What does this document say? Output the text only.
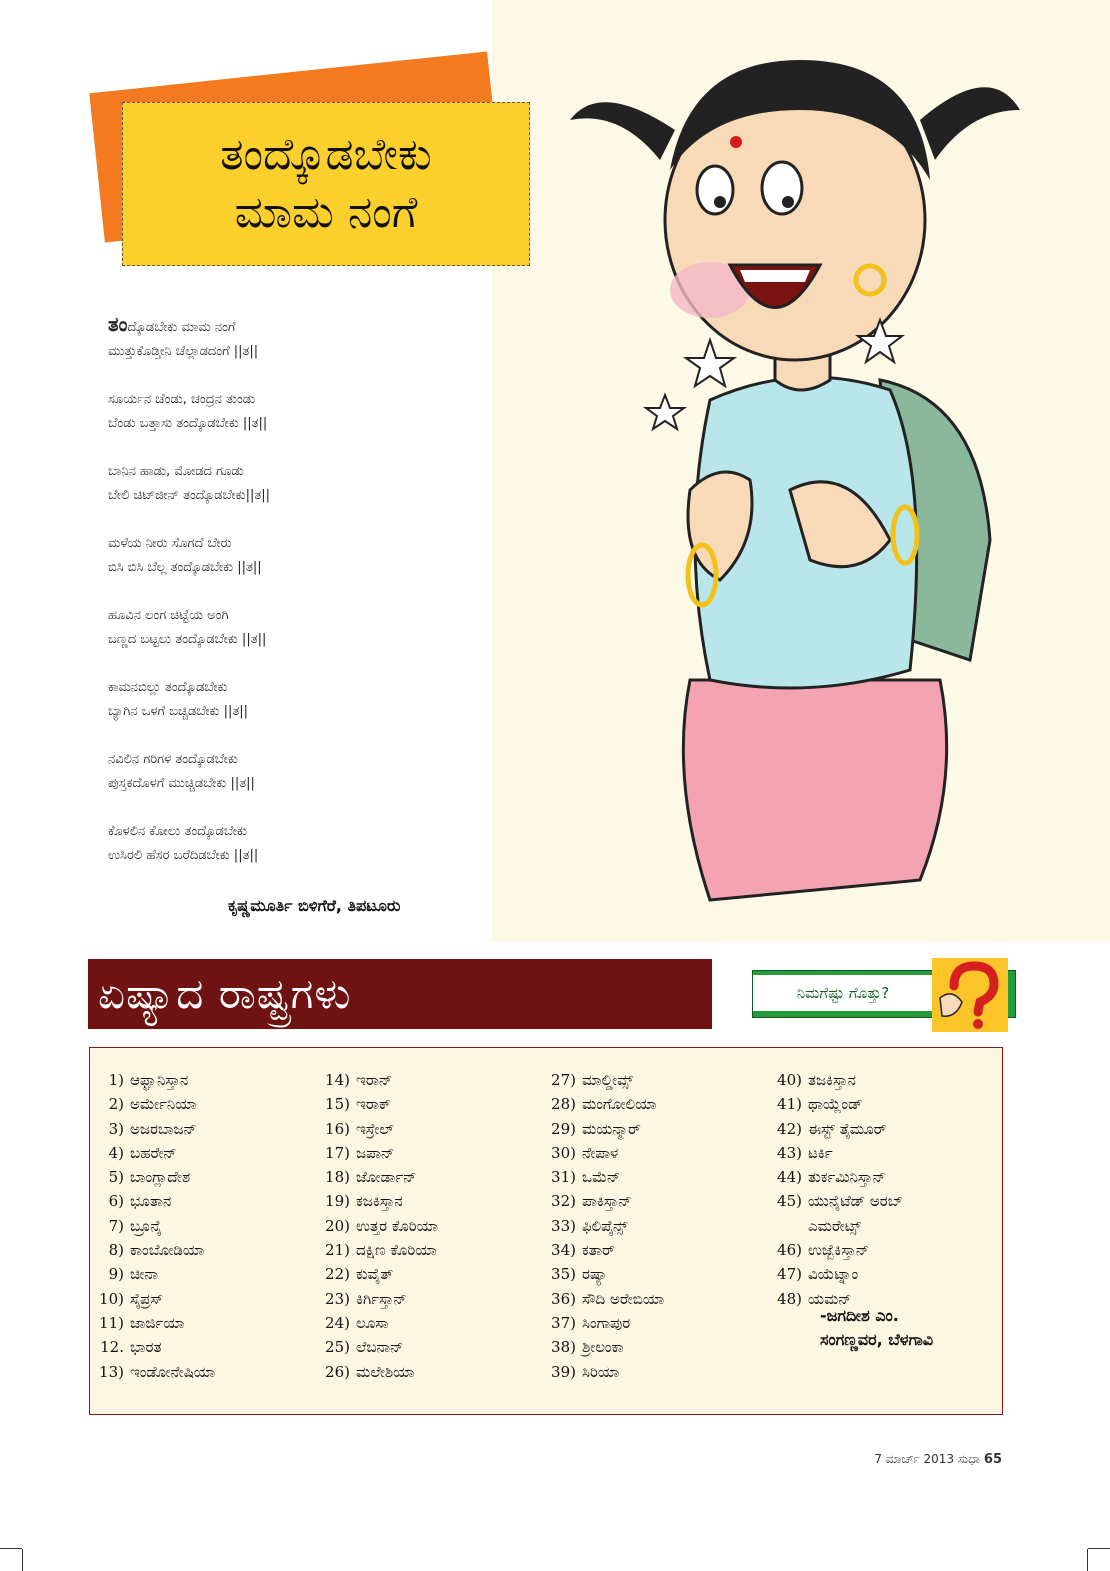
ತಂದ್ಕೊಡಬೇಕು
ಮಾಮ ನಂಗೆ
ತಂದ್ಕೊಡಬೇಕು ಮಾಮ ನಂಗೆ
ಮುತ್ತುಕೊಡ್ತೀನಿ ಚೆಲ್ಲಾಡದಂಗೆ ||ತ||
ಸೂರ್ಯನ ಚೆಂಡು, ಚಂದ್ರನ ತುಂಡು
ಬೆಂಡು ಬತ್ತಾಸು ತಂದ್ಕೊಡಬೇಕು ||ತ||
ಬಾನಿನ ಹಾಡು, ಮೋಡದ ಗೂಡು
ಬೇಲಿ ಚಿಟ್‌ಜೀನ್ ತಂದ್ಕೊಡಬೇಕು||ತ||
ಮಳೆಯ ನೀರು ಸೊಗದೆ ಬೇರು
ಬಿಸಿ ಬಿಸಿ ಬೆಲ್ಲ ತಂದ್ಕೊಡಬೇಕು ||ತ||
ಹೂವಿನ ಲಂಗ ಚಿಟ್ಟೆಯ ಅಂಗಿ
ಬಣ್ಣದ ಬಟ್ಟಲು ತಂದ್ಕೊಡಬೇಕು ||ತ||
ಕಾಮನಬಿಲ್ಲು ತಂದ್ಕೊಡಬೇಕು
ಬ್ಯಾಗಿನ ಒಳಗೆ ಬಚ್ಚಿಡಬೇಕು ||ತ||
ನವಿಲಿನ ಗರಿಗಳ ತಂದ್ಕೊಡಬೇಕು
ಪುಸ್ತಕದೊಳಗೆ ಮುಚ್ಚಿಡಬೇಕು ||ತ||
ಕೊಳಲಿನ ಕೋಲು ತಂದ್ಕೊಡಬೇಕು
ಉಸಿರಲಿ ಹೆಸರ ಬರೆದಿಡಬೇಕು ||ತ||
ಕೃಷ್ಣಮೂರ್ತಿ ಬಿಳಿಗೆರೆ, ತಿಪಟೂರು
ಏಷ್ಯಾದ ರಾಷ್ಟ್ರಗಳು	ನಿಮಗೆಷ್ಟು ಗೊತ್ತು?
1) ಆಫ್ಘಾನಿಸ್ತಾನ
2) ಅರ್ಮೇನಿಯಾ
3) ಅಜರಬಾಜನ್
4) ಬಹರೇನ್
5) ಬಾಂಗ್ಲಾದೇಶ
6) ಭೂತಾನ
7) ಬ್ರೂನೈ
8) ಕಾಂಬೋಡಿಯಾ
9) ಚೀನಾ
10) ಸೈಪ್ರಸ್
11) ಜಾರ್ಜಿಯಾ
12. ಭಾರತ
13) ಇಂಡೋನೇಷಿಯಾ
14) ಇರಾನ್
15) ಇರಾಕ್
16) ಇಸ್ರೇಲ್
17) ಜಪಾನ್
18) ಜೋರ್ಡಾನ್
19) ಕಜಕಿಸ್ತಾನ
20) ಉತ್ತರ ಕೊರಿಯಾ
21) ದಕ್ಷಿಣ ಕೊರಿಯಾ
22) ಕುವೈತ್
23) ಕಿರ್ಗಿಸ್ತಾನ್
24) ಲೂಸಾ
25) ಲೆಬನಾನ್
26) ಮಲೇಶಿಯಾ
27) ಮಾಲ್ಡೀವ್ಸ್
28) ಮಂಗೋಲಿಯಾ
29) ಮಯನ್ಮಾರ್
30) ನೇಪಾಳ
31) ಒಮೆನ್
32) ಪಾಕಿಸ್ತಾನ್
33) ಫಿಲಿಪೈನ್ಸ್
34) ಕತಾರ್
35) ರಷ್ಯಾ
36) ಸೌದಿ ಅರೇಬಿಯಾ
37) ಸಿಂಗಾಪುರ
38) ಶ್ರೀಲಂಕಾ
39) ಸಿರಿಯಾ
40) ತಜಕಿಸ್ತಾನ
41) ಥಾಯ್ಲೆಂಡ್
42) ಈಸ್ಟ್ ತೈಮೂರ್
43) ಟರ್ಕಿ
44) ತುರ್ಕಮಿನಿಸ್ತಾನ್
45) ಯುನೈಟೆಡ್ ಅರಬ್
ಎಮರೇಟ್ಸ್
46) ಉಜ್ಬೆಕಿಸ್ತಾನ್
47) ವಿಯೆಟ್ನಾಂ
48) ಯಮನ್
-ಜಗದೀಶ ಎಂ.
ಸಂಗಣ್ಣವರ, ಬೆಳಗಾವಿ
7 ಮಾರ್ಚ್ 2013 ಸುಧಾ 65
